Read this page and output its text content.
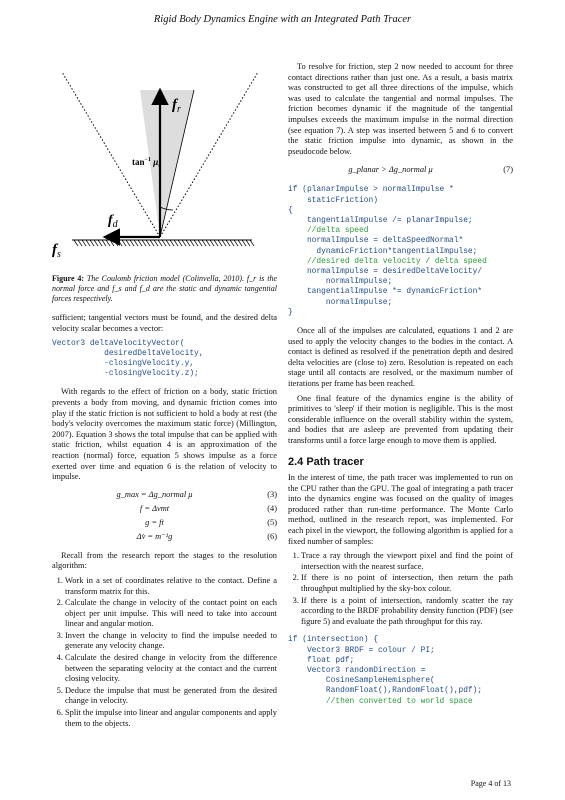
Rigid Body Dynamics Engine with an Integrated Path Tracer
$f_r$
$\tan^{-1} \mu_s$
$f_d$
$f_s$
Figure 4: The Coulomb friction model (Colinvella, 2010). f_r is the normal force and f_s and f_d are the static and dynamic tangential forces respectively.

sufficient; tangential vectors must be found, and the desired delta velocity scalar becomes a vector:

Vector3 deltaVelocityVector(
desiredDeltaVelocity,
-closingVelocity.y,
-closingVelocity.z);

With regards to the effect of friction on a body, static friction prevents a body from moving, and dynamic friction comes into play if the static friction is not sufficient to hold a body at rest (the body's velocity overcomes the maximum static force) (Millington, 2007). Equation 3 shows the total impulse that can be applied with static friction, whilst equation 4 is an approximation of the reaction (normal) force, equation 5 shows impulse as a force exerted over time and equation 6 is the relation of velocity to impulse.

g_max = Δg_normal μ	(3)
f = Δvmt	(4)
g = ft	(5)
Δv̇ = m⁻¹g	(6)

Recall from the research report the stages to the resolution algorithm:

1. Work in a set of coordinates relative to the contact. Define a transform matrix for this.
2. Calculate the change in velocity of the contact point on each object per unit impulse. This will need to take into account linear and angular motion.
3. Invert the change in velocity to find the impulse needed to generate any velocity change.
4. Calculate the desired change in velocity from the difference between the separating velocity at the contact and the current closing velocity.
5. Deduce the impulse that must be generated from the desired change in velocity.
6. Split the impulse into linear and angular components and apply them to the objects.

To resolve for friction, step 2 now needed to account for three contact directions rather than just one. As a result, a basis matrix was constructed to get all three directions of the impulse, which was used to calculate the tangential and normal impulses. The friction becomes dynamic if the magnitude of the tangential impulses exceeds the maximum impulse in the normal direction (see equation 7). A step was inserted between 5 and 6 to convert the static friction impulse into dynamic, as shown in the pseudocode below.

g_planar > Δg_normal μ	(7)
if (planarImpulse > normalImpulse *
staticFriction)
{
tangentialImpulse /= planarImpulse;
//delta speed
normalImpulse = deltaSpeedNormal*
dynamicFriction*tangentialImpulse;
//desired delta velocity / delta speed
normalImpulse = desiredDeltaVelocity/
normalImpulse;
tangentialImpulse *= dynamicFriction*
normalImpulse;
}

Once all of the impulses are calculated, equations 1 and 2 are used to apply the velocity changes to the bodies in the contact. A contact is defined as resolved if the penetration depth and desired delta velocities are (close to) zero. Resolution is repeated on each stage until all contacts are resolved, or the maximum number of iterations per frame has been reached.

One final feature of the dynamics engine is the ability of primitives to 'sleep' if their motion is negligible. This is the most considerable influence on the overall stability within the system, and bodies that are asleep are prevented from updating their transforms until a force large enough to move them is applied.

2.4 Path tracer

In the interest of time, the path tracer was implemented to run on the CPU rather than the GPU. The goal of integrating a path tracer into the dynamics engine was focused on the quality of images produced rather than run-time performance. The Monte Carlo method, outlined in the research report, was implemented. For each pixel in the viewport, the following algorithm is applied for a fixed number of samples:

1. Trace a ray through the viewport pixel and find the point of intersection with the nearest surface.
2. If there is no point of intersection, then return the path throughput multiplied by the sky-box colour.
3. If there is a point of intersection, randomly scatter the ray according to the BRDF probability density function (PDF) (see figure 5) and evaluate the path throughput for this ray.
if (intersection) {
Vector3 BRDF = colour / PI;
float pdf;
Vector3 randomDirection =
CosineSampleHemisphere(
RandomFloat(),RandomFloat(),pdf);
//then converted to world space
Page 4 of 13
